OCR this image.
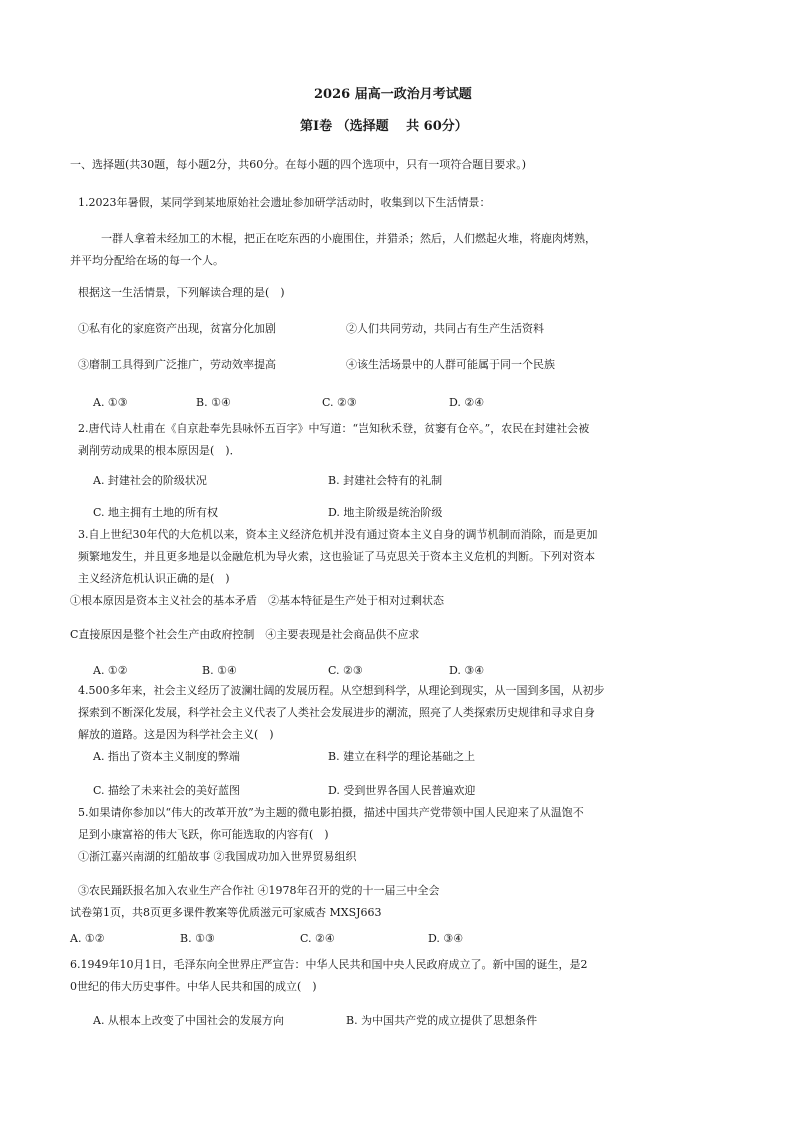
2026 届高一政治月考试题
第Ⅰ卷 （选择题　 共 60分）
一、选择题(共30题，每小题2分，共60分。在每小题的四个选项中，只有一项符合题目要求。)
1.2023年暑假，某同学到某地原始社会遗址参加研学活动时，收集到以下生活情景：
一群人拿着未经加工的木棍，把正在吃东西的小鹿围住，并猎杀；然后，人们燃起火堆，将鹿肉烤熟，
并平均分配给在场的每一个人。
根据这一生活情景，下列解读合理的是(　)
①私有化的家庭资产出现，贫富分化加剧	②人们共同劳动，共同占有生产生活资料
③磨制工具得到广泛推广，劳动效率提高	④该生活场景中的人群可能属于同一个民族
A. ①③	B. ①④	C. ②③	D. ②④
2.唐代诗人杜甫在《自京赴奉先县咏怀五百字》中写道：“岂知秋禾登，贫窭有仓卒。”，农民在封建社会被
剥削劳动成果的根本原因是(　)．
A. 封建社会的阶级状况	B. 封建社会特有的礼制
C. 地主拥有土地的所有权	D. 地主阶级是统治阶级
3.自上世纪30年代的大危机以来，资本主义经济危机并没有通过资本主义自身的调节机制而消除，而是更加
频繁地发生，并且更多地是以金融危机为导火索，这也验证了马克思关于资本主义危机的判断。下列对资本
主义经济危机认识正确的是(　)
①根本原因是资本主义社会的基本矛盾　②基本特征是生产处于相对过剩状态
C直接原因是整个社会生产由政府控制　④主要表现是社会商品供不应求
A. ①②	B. ①④	C. ②③	D. ③④
4.500多年来，社会主义经历了波澜壮阔的发展历程。从空想到科学，从理论到现实，从一国到多国，从初步
探索到不断深化发展，科学社会主义代表了人类社会发展进步的潮流，照亮了人类探索历史规律和寻求自身
解放的道路。这是因为科学社会主义(　)
A. 指出了资本主义制度的弊端	B. 建立在科学的理论基础之上
C. 描绘了未来社会的美好蓝图	D. 受到世界各国人民普遍欢迎
5.如果请你参加以“伟大的改革开放”为主题的微电影拍摄，描述中国共产党带领中国人民迎来了从温饱不
足到小康富裕的伟大飞跃，你可能选取的内容有(　)
①浙江嘉兴南湖的红船故事 ②我国成功加入世界贸易组织
③农民踊跃报名加入农业生产合作社 ④1978年召开的党的十一届三中全会
试卷第1页，共8页更多课件教案等优质滋元可家威杏 MXSJ663
A. ①②	B. ①③	C. ②④	D. ③④
6.1949年10月1日，毛泽东向全世界庄严宣告：中华人民共和国中央人民政府成立了。新中国的诞生，是2
0世纪的伟大历史事件。中华人民共和国的成立(　)
A. 从根本上改变了中国社会的发展方向	B. 为中国共产党的成立提供了思想条件
